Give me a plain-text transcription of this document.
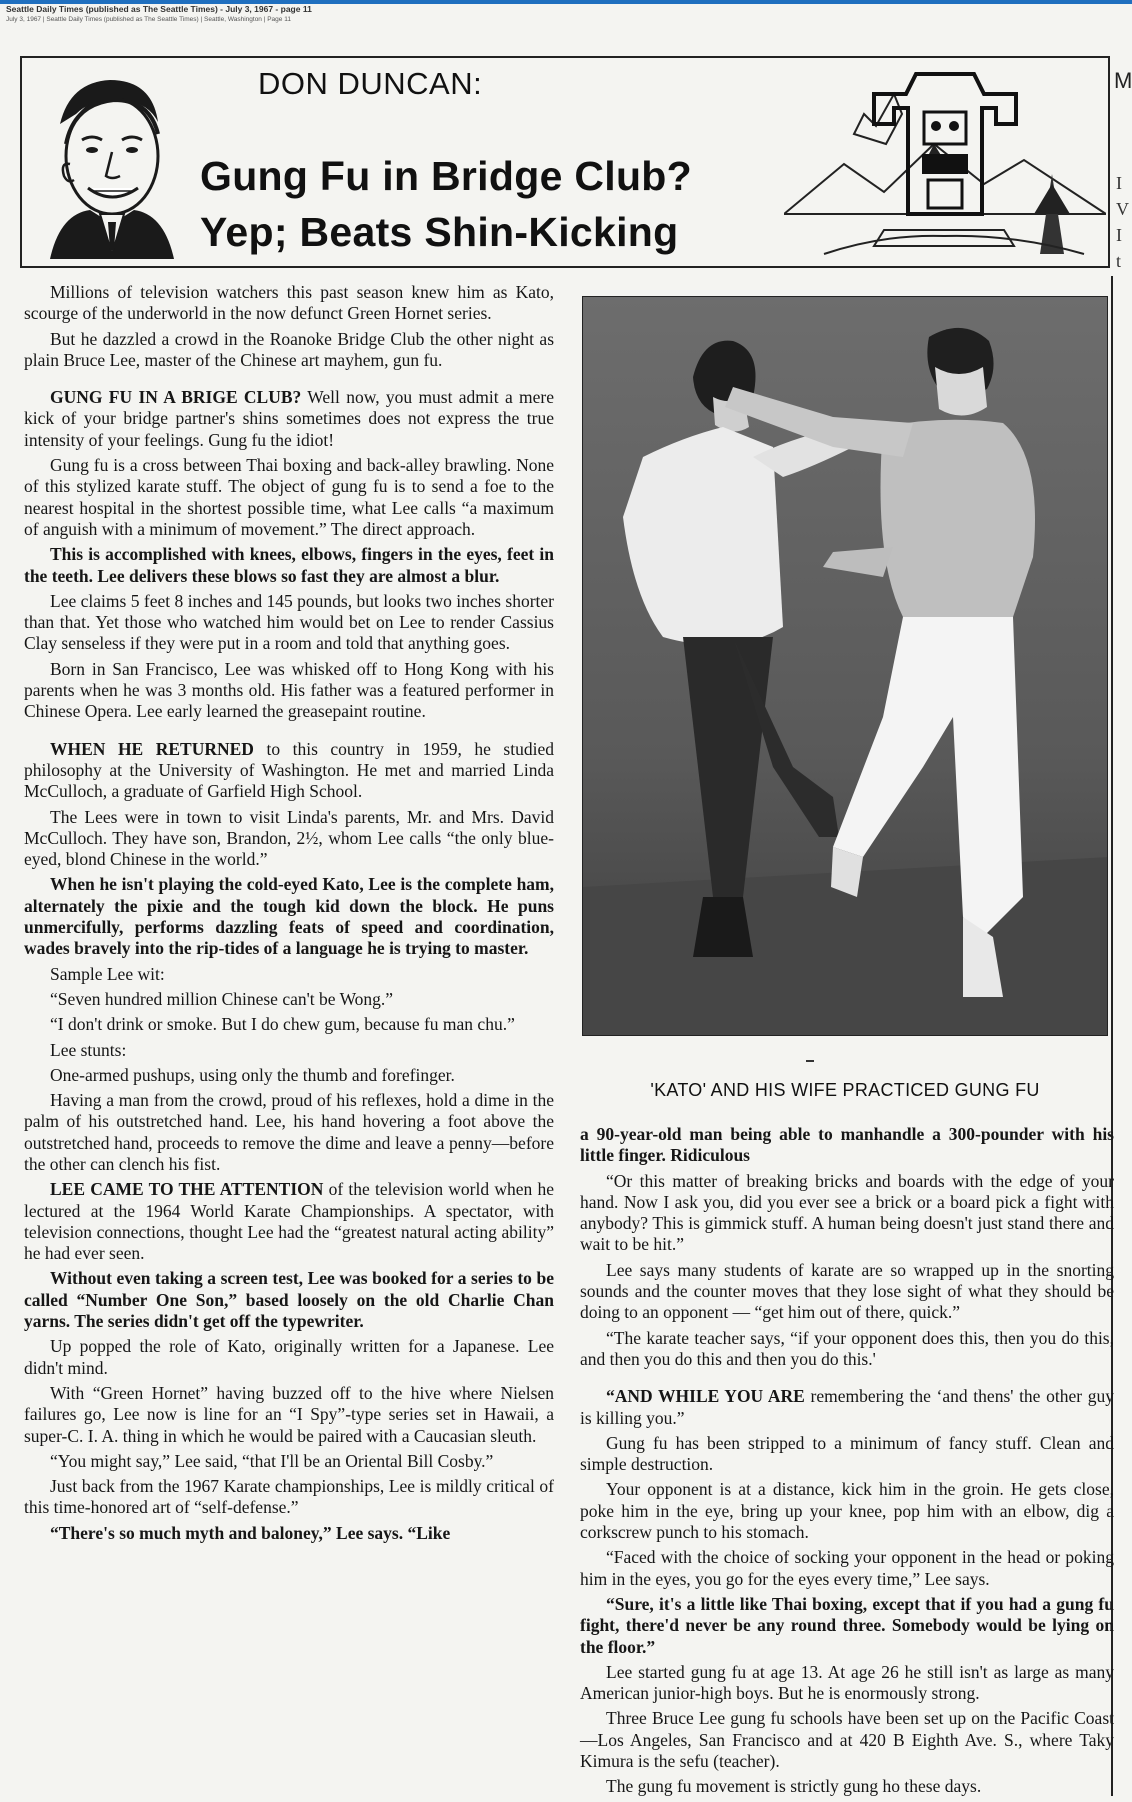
Seattle Daily Times (published as The Seattle Times) - July 3, 1967 - page 11
July 3, 1967 | Seattle Daily Times (published as The Seattle Times) | Seattle, Washington | Page 11
DON DUNCAN:
Gung Fu in Bridge Club?
Yep; Beats Shin-Kicking
M
I
V
I
t
'KATO' AND HIS WIFE PRACTICED GUNG FU

Millions of television watchers this past season knew him as Kato, scourge of the underworld in the now defunct Green Hornet series.

But he dazzled a crowd in the Roanoke Bridge Club the other night as plain Bruce Lee, master of the Chinese art mayhem, gun fu.

GUNG FU IN A BRIGE CLUB? Well now, you must admit a mere kick of your bridge partner's shins sometimes does not express the true intensity of your feelings. Gung fu the idiot!

Gung fu is a cross between Thai boxing and back-alley brawling. None of this stylized karate stuff. The object of gung fu is to send a foe to the nearest hospital in the shortest possible time, what Lee calls “a maximum of anguish with a minimum of movement.” The direct approach.

This is accomplished with knees, elbows, fingers in the eyes, feet in the teeth. Lee delivers these blows so fast they are almost a blur.

Lee claims 5 feet 8 inches and 145 pounds, but looks two inches shorter than that. Yet those who watched him would bet on Lee to render Cassius Clay senseless if they were put in a room and told that anything goes.

Born in San Francisco, Lee was whisked off to Hong Kong with his parents when he was 3 months old. His father was a featured performer in Chinese Opera. Lee early learned the greasepaint routine.

WHEN HE RETURNED to this country in 1959, he studied philosophy at the University of Washington. He met and married Linda McCulloch, a graduate of Garfield High School.

The Lees were in town to visit Linda's parents, Mr. and Mrs. David McCulloch. They have son, Brandon, 2½, whom Lee calls “the only blue-eyed, blond Chinese in the world.”

When he isn't playing the cold-eyed Kato, Lee is the complete ham, alternately the pixie and the tough kid down the block. He puns unmercifully, performs dazzling feats of speed and coordination, wades bravely into the rip-tides of a language he is trying to master.

Sample Lee wit:

“Seven hundred million Chinese can't be Wong.”

“I don't drink or smoke. But I do chew gum, because fu man chu.”

Lee stunts:

One-armed pushups, using only the thumb and forefinger.

Having a man from the crowd, proud of his reflexes, hold a dime in the palm of his outstretched hand. Lee, his hand hovering a foot above the outstretched hand, proceeds to remove the dime and leave a penny—before the other can clench his fist.

LEE CAME TO THE ATTENTION of the television world when he lectured at the 1964 World Karate Championships. A spectator, with television connections, thought Lee had the “greatest natural acting ability” he had ever seen.

Without even taking a screen test, Lee was booked for a series to be called “Number One Son,” based loosely on the old Charlie Chan yarns. The series didn't get off the typewriter.

Up popped the role of Kato, originally written for a Japanese. Lee didn't mind.

With “Green Hornet” having buzzed off to the hive where Nielsen failures go, Lee now is line for an “I Spy”-type series set in Hawaii, a super-C. I. A. thing in which he would be paired with a Caucasian sleuth.

“You might say,” Lee said, “that I'll be an Oriental Bill Cosby.”

Just back from the 1967 Karate championships, Lee is mildly critical of this time-honored art of “self-defense.”

“There's so much myth and baloney,” Lee says. “Like

a 90-year-old man being able to manhandle a 300-pounder with his little finger. Ridiculous

“Or this matter of breaking bricks and boards with the edge of your hand. Now I ask you, did you ever see a brick or a board pick a fight with anybody? This is gimmick stuff. A human being doesn't just stand there and wait to be hit.”

Lee says many students of karate are so wrapped up in the snorting sounds and the counter moves that they lose sight of what they should be doing to an opponent — “get him out of there, quick.”

“The karate teacher says, “if your opponent does this, then you do this, and then you do this and then you do this.'

“AND WHILE YOU ARE remembering the ‘and thens' the other guy is killing you.”

Gung fu has been stripped to a minimum of fancy stuff. Clean and simple destruction.

Your opponent is at a distance, kick him in the groin. He gets close, poke him in the eye, bring up your knee, pop him with an elbow, dig a corkscrew punch to his stomach.

“Faced with the choice of socking your opponent in the head or poking him in the eyes, you go for the eyes every time,” Lee says.

“Sure, it's a little like Thai boxing, except that if you had a gung fu fight, there'd never be any round three. Somebody would be lying on the floor.”

Lee started gung fu at age 13. At age 26 he still isn't as large as many American junior-high boys. But he is enormously strong.

Three Bruce Lee gung fu schools have been set up on the Pacific Coast—Los Angeles, San Francisco and at 420 B Eighth Ave. S., where Taky Kimura is the sefu (teacher).

The gung fu movement is strictly gung ho these days.
